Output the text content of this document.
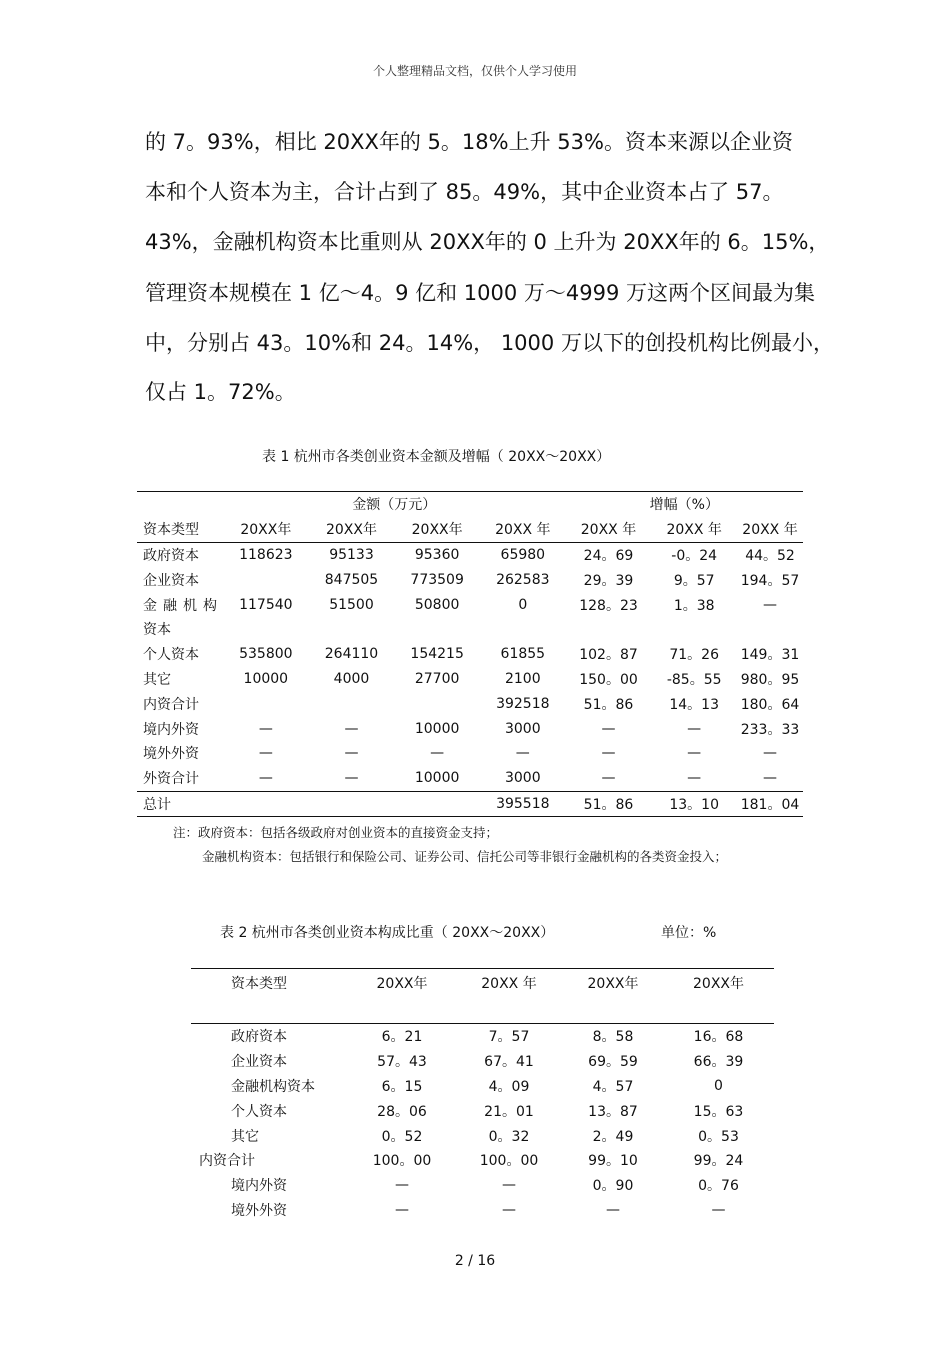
个人整理精品文档，仅供个人学习使用
的 7。93%，相比 20XX年的 5。18%上升 53%。资本来源以企业资
本和个人资本为主，合计占到了 85。49%，其中企业资本占了 57。
43%，金融机构资本比重则从 20XX年的 0 上升为 20XX年的 6。15%，
管理资本规模在 1 亿～4。9 亿和 1000 万～4999 万这两个区间最为集
中，分别占 43。10%和 24。14%， 1000 万以下的创投机构比例最小，
仅占 1。72%。
表 1 杭州市各类创业资本金额及增幅（ 20XX～20XX）
	金额（万元）				增幅（%）		
资本类型	20XX年	20XX年	20XX年	20XX 年	20XX 年	20XX 年	20XX 年
政府资本	118623	95133	95360	65980	24。69	-0。24	44。52
企业资本		847505	773509	262583	29。39	9。57	194。57
金融机构	117540	51500	50800	0	128。23	1。38	—
资本							
个人资本	535800	264110	154215	61855	102。87	71。26	149。31
其它	10000	4000	27700	2100	150。00	-85。55	980。95
内资合计				392518	51。86	14。13	180。64
境内外资	—	—	10000	3000	—	—	233。33
境外外资	—	—	—	—	—	—	—
外资合计	—	—	10000	3000	—	—	—
总计				395518	51。86	13。10	181。04
注：政府资本：包括各级政府对创业资本的直接资金支持；
金融机构资本：包括银行和保险公司、证券公司、信托公司等非银行金融机构的各类资金投入；
表 2 杭州市各类创业资本构成比重（ 20XX～20XX）	单位：%
资本类型	20XX年	20XX 年	20XX年	20XX年
政府资本	6。21	7。57	8。58	16。68
企业资本	57。43	67。41	69。59	66。39
金融机构资本	6。15	4。09	4。57	0
个人资本	28。06	21。01	13。87	15。63
其它	0。52	0。32	2。49	0。53
内资合计	100。00	100。00	99。10	99。24
境内外资	—	—	0。90	0。76
境外外资	—	—	—	—
2 / 16
